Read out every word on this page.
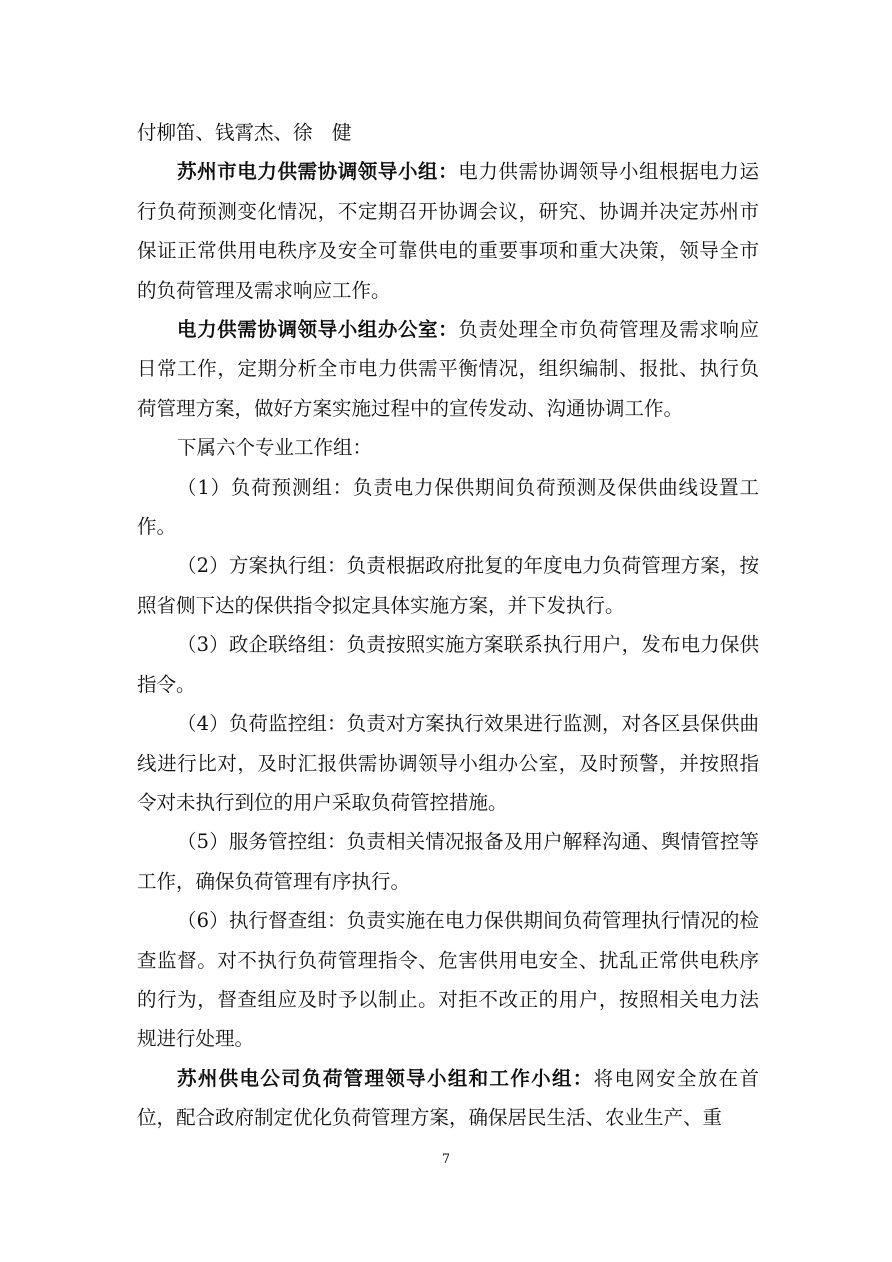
付柳笛、钱霄杰、徐　健

苏州市电力供需协调领导小组：电力供需协调领导小组根据电力运行负荷预测变化情况，不定期召开协调会议，研究、协调并决定苏州市保证正常供用电秩序及安全可靠供电的重要事项和重大决策，领导全市的负荷管理及需求响应工作。

电力供需协调领导小组办公室：负责处理全市负荷管理及需求响应日常工作，定期分析全市电力供需平衡情况，组织编制、报批、执行负荷管理方案，做好方案实施过程中的宣传发动、沟通协调工作。

下属六个专业工作组：

（1）负荷预测组：负责电力保供期间负荷预测及保供曲线设置工作。

（2）方案执行组：负责根据政府批复的年度电力负荷管理方案，按照省侧下达的保供指令拟定具体实施方案，并下发执行。

（3）政企联络组：负责按照实施方案联系执行用户，发布电力保供指令。

（4）负荷监控组：负责对方案执行效果进行监测，对各区县保供曲线进行比对，及时汇报供需协调领导小组办公室，及时预警，并按照指令对未执行到位的用户采取负荷管控措施。

（5）服务管控组：负责相关情况报备及用户解释沟通、舆情管控等工作，确保负荷管理有序执行。

（6）执行督查组：负责实施在电力保供期间负荷管理执行情况的检查监督。对不执行负荷管理指令、危害供用电安全、扰乱正常供电秩序的行为，督查组应及时予以制止。对拒不改正的用户，按照相关电力法规进行处理。

苏州供电公司负荷管理领导小组和工作小组：将电网安全放在首位，配合政府制定优化负荷管理方案，确保居民生活、农业生产、重

7
